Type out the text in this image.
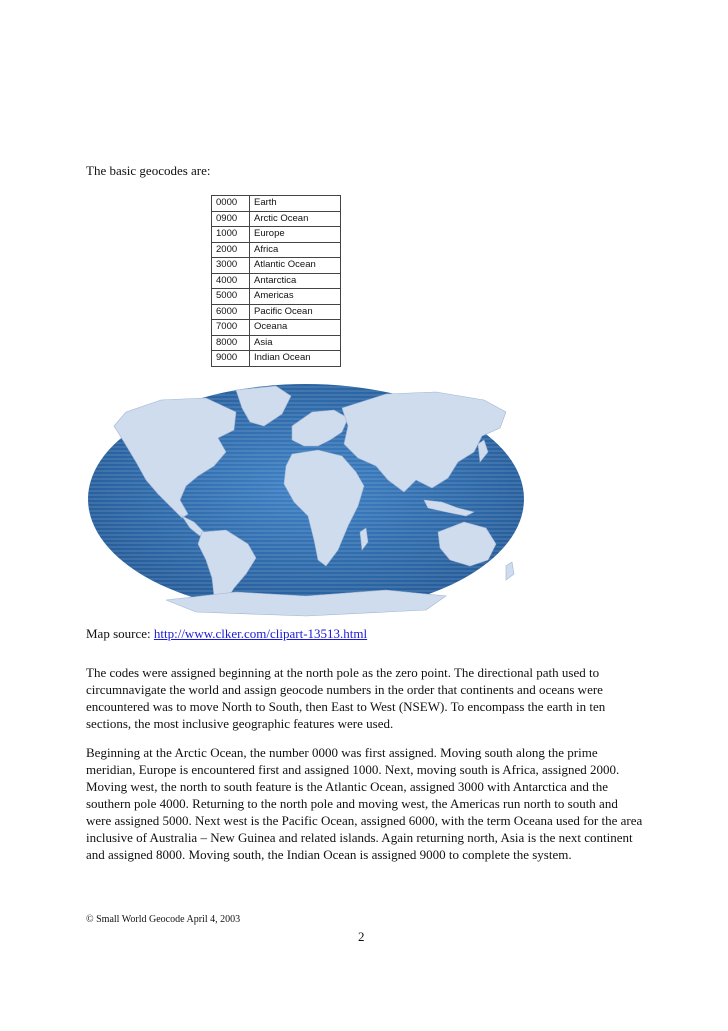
The basic geocodes are:

0000	Earth
0900	Arctic Ocean
1000	Europe
2000	Africa
3000	Atlantic Ocean
4000	Antarctica
5000	Americas
6000	Pacific Ocean
7000	Oceana
8000	Asia
9000	Indian Ocean

Map source: http://www.clker.com/clipart-13513.html

The codes were assigned beginning at the north pole as the zero point. The directional path used to circumnavigate the world and assign geocode numbers in the order that continents and oceans were encountered was to move North to South, then East to West (NSEW). To encompass the earth in ten sections, the most inclusive geographic features were used.

Beginning at the Arctic Ocean, the number 0000 was first assigned. Moving south along the prime meridian, Europe is encountered first and assigned 1000. Next, moving south is Africa, assigned 2000. Moving west, the north to south feature is the Atlantic Ocean, assigned 3000 with Antarctica and the southern pole 4000. Returning to the north pole and moving west, the Americas run north to south and were assigned 5000. Next west is the Pacific Ocean, assigned 6000, with the term Oceana used for the area inclusive of Australia – New Guinea and related islands. Again returning north, Asia is the next continent and assigned 8000. Moving south, the Indian Ocean is assigned 9000 to complete the system.

© Small World Geocode April 4, 2003

2
